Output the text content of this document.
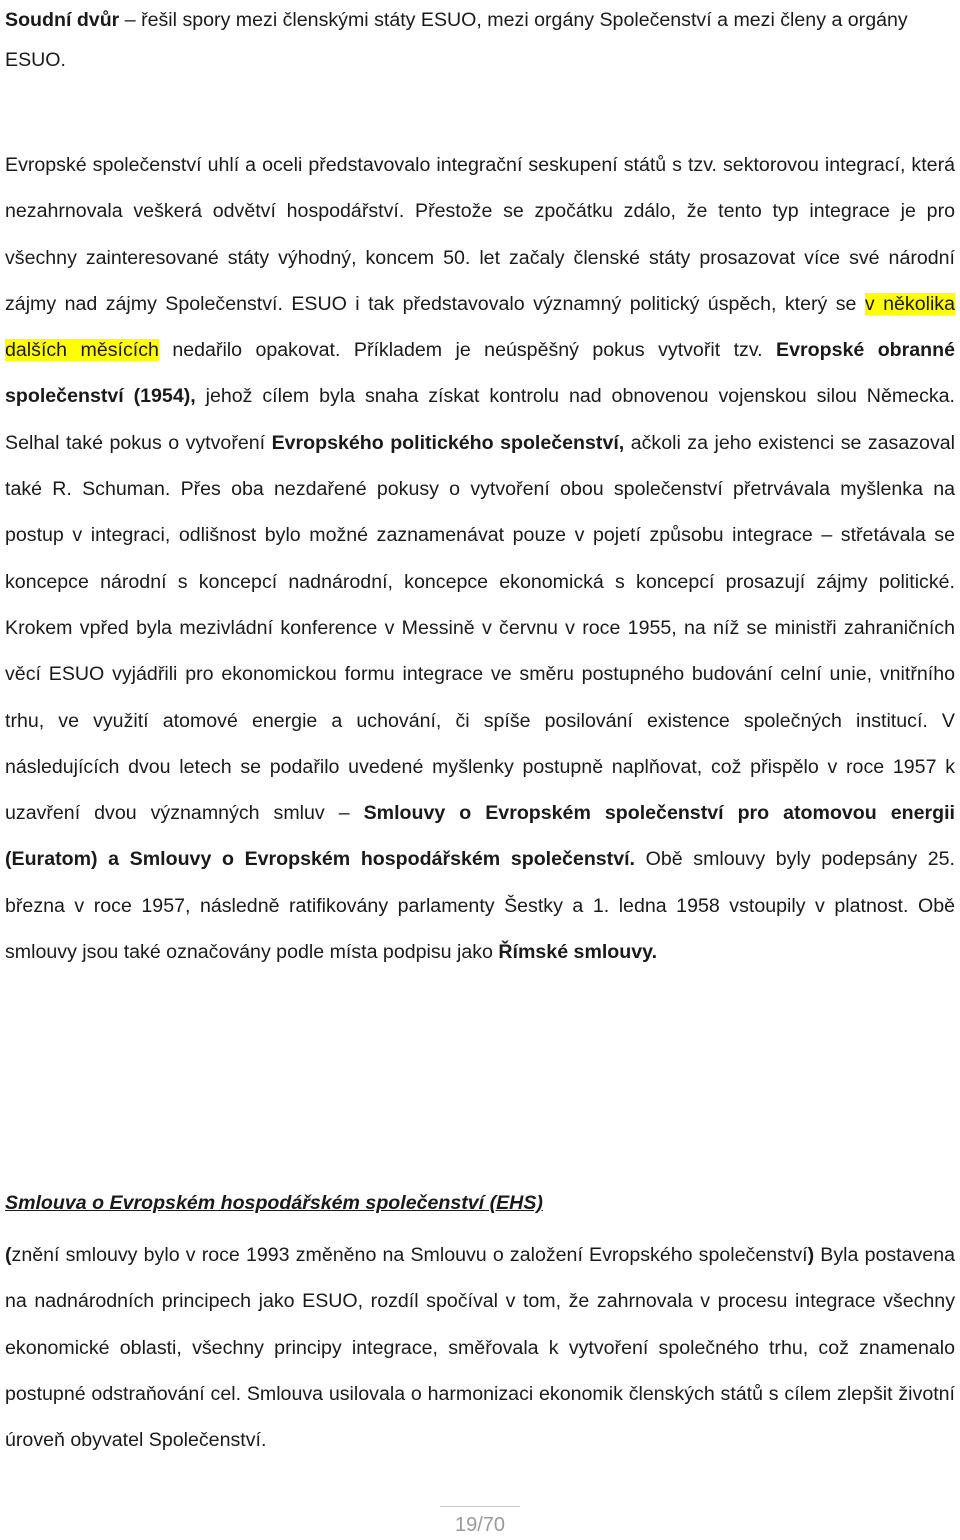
Soudní dvůr – řešil spory mezi členskými státy ESUO, mezi orgány Společenství a mezi členy a orgány ESUO.

Evropské společenství uhlí a oceli představovalo integrační seskupení států s tzv. sektorovou integrací, která nezahrnovala veškerá odvětví hospodářství. Přestože se zpočátku zdálo, že tento typ integrace je pro všechny zainteresované státy výhodný, koncem 50. let začaly členské státy prosazovat více své národní zájmy nad zájmy Společenství. ESUO i tak představovalo významný politický úspěch, který se v několika dalších měsících nedařilo opakovat. Příkladem je neúspěšný pokus vytvořit tzv. Evropské obranné společenství (1954), jehož cílem byla snaha získat kontrolu nad obnovenou vojenskou silou Německa. Selhal také pokus o vytvoření Evropského politického společenství, ačkoli za jeho existenci se zasazoval také R. Schuman. Přes oba nezdařené pokusy o vytvoření obou společenství přetrvávala myšlenka na postup v integraci, odlišnost bylo možné zaznamenávat pouze v pojetí způsobu integrace – střetávala se koncepce národní s koncepcí nadnárodní, koncepce ekonomická s koncepcí prosazují zájmy politické. Krokem vpřed byla mezivládní konference v Messině v červnu v roce 1955, na níž se ministři zahraničních věcí ESUO vyjádřili pro ekonomickou formu integrace ve směru postupného budování celní unie, vnitřního trhu, ve využití atomové energie a uchování, či spíše posilování existence společných institucí. V následujících dvou letech se podařilo uvedené myšlenky postupně naplňovat, což přispělo v roce 1957 k uzavření dvou významných smluv – Smlouvy o Evropském společenství pro atomovou energii (Euratom) a Smlouvy o Evropském hospodářském společenství. Obě smlouvy byly podepsány 25. března v roce 1957, následně ratifikovány parlamenty Šestky a 1. ledna 1958 vstoupily v platnost. Obě smlouvy jsou také označovány podle místa podpisu jako Římské smlouvy.

Smlouva o Evropském hospodářském společenství (EHS)

(znění smlouvy bylo v roce 1993 změněno na Smlouvu o založení Evropského společenství) Byla postavena na nadnárodních principech jako ESUO, rozdíl spočíval v tom, že zahrnovala v procesu integrace všechny ekonomické oblasti, všechny principy integrace, směřovala k vytvoření společného trhu, což znamenalo postupné odstraňování cel. Smlouva usilovala o harmonizaci ekonomik členských států s cílem zlepšit životní úroveň obyvatel Společenství.

19/70
